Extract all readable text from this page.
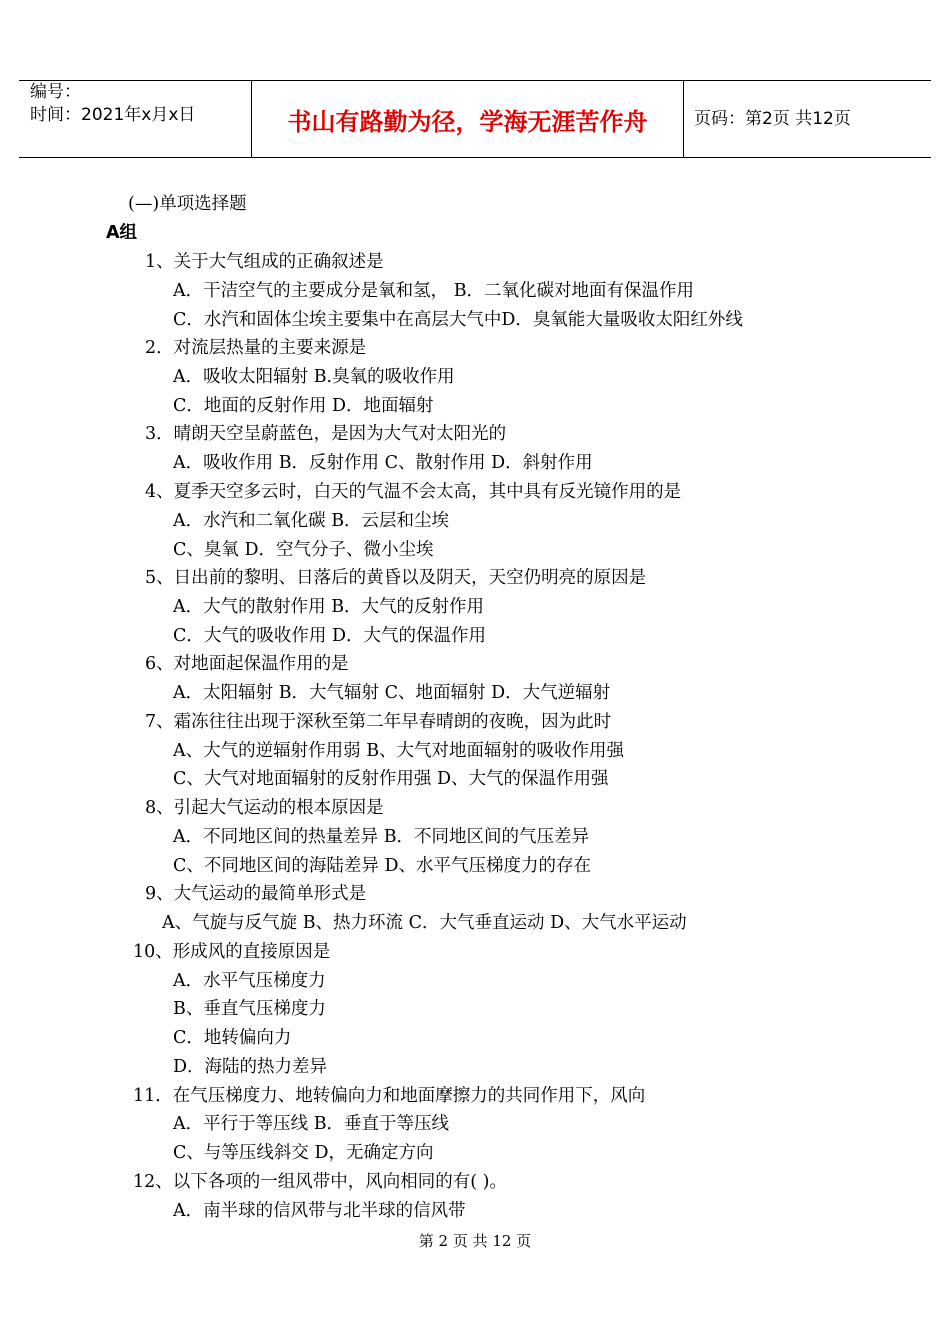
编号：
时间：2021年x月x日	书山有路勤为径，学海无涯苦作舟	页码：第2页 共12页
(—)单项选择题
A组
1、关于大气组成的正确叙述是
A．干洁空气的主要成分是氧和氢， B．二氧化碳对地面有保温作用
C．水汽和固体尘埃主要集中在高层大气中D．臭氧能大量吸收太阳红外线
2．对流层热量的主要来源是
A．吸收太阳辐射 B.臭氧的吸收作用
C．地面的反射作用 D．地面辐射
3．晴朗天空呈蔚蓝色，是因为大气对太阳光的
A．吸收作用 B．反射作用 C、散射作用 D．斜射作用
4、夏季天空多云时，白天的气温不会太高，其中具有反光镜作用的是
A．水汽和二氧化碳 B．云层和尘埃
C、臭氧 D．空气分子、微小尘埃
5、日出前的黎明、日落后的黄昏以及阴天，天空仍明亮的原因是
A．大气的散射作用 B．大气的反射作用
C．大气的吸收作用 D．大气的保温作用
6、对地面起保温作用的是
A．太阳辐射 B．大气辐射 C、地面辐射 D．大气逆辐射
7、霜冻往往出现于深秋至第二年早春晴朗的夜晚，因为此时
A、大气的逆辐射作用弱 B、大气对地面辐射的吸收作用强
C、大气对地面辐射的反射作用强 D、大气的保温作用强
8、引起大气运动的根本原因是
A．不同地区间的热量差异 B．不同地区间的气压差异
C、不同地区间的海陆差异 D、水平气压梯度力的存在
9、大气运动的最简单形式是
A、气旋与反气旋 B、热力环流 C．大气垂直运动 D、大气水平运动
10、形成风的直接原因是
A．水平气压梯度力
B、垂直气压梯度力
C．地转偏向力
D．海陆的热力差异
11．在气压梯度力、地转偏向力和地面摩擦力的共同作用下，风向
A．平行于等压线 B．垂直于等压线
C、与等压线斜交 D，无确定方向
12、以下各项的一组风带中，风向相同的有( )。
A．南半球的信风带与北半球的信风带
第 2 页 共 12 页
